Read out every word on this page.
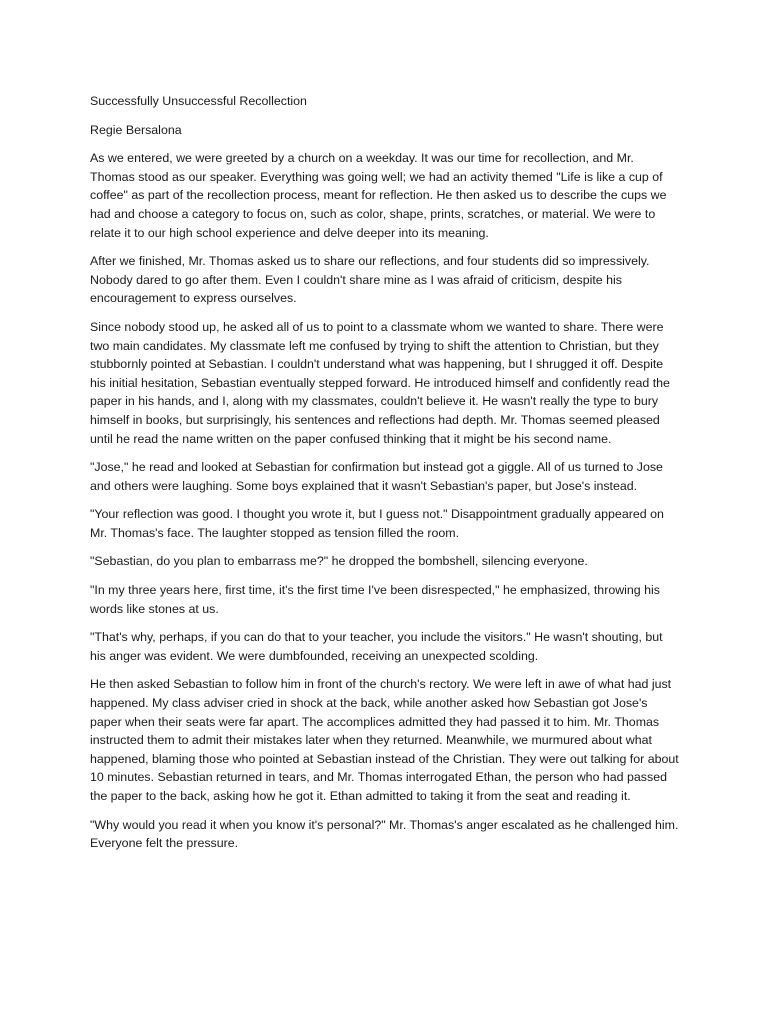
Successfully Unsuccessful Recollection

Regie Bersalona

As we entered, we were greeted by a church on a weekday. It was our time for recollection, and Mr. Thomas stood as our speaker. Everything was going well; we had an activity themed "Life is like a cup of coffee" as part of the recollection process, meant for reflection. He then asked us to describe the cups we had and choose a category to focus on, such as color, shape, prints, scratches, or material. We were to relate it to our high school experience and delve deeper into its meaning.

After we finished, Mr. Thomas asked us to share our reflections, and four students did so impressively. Nobody dared to go after them. Even I couldn't share mine as I was afraid of criticism, despite his encouragement to express ourselves.

Since nobody stood up, he asked all of us to point to a classmate whom we wanted to share. There were two main candidates. My classmate left me confused by trying to shift the attention to Christian, but they stubbornly pointed at Sebastian. I couldn't understand what was happening, but I shrugged it off. Despite his initial hesitation, Sebastian eventually stepped forward. He introduced himself and confidently read the paper in his hands, and I, along with my classmates, couldn't believe it. He wasn't really the type to bury himself in books, but surprisingly, his sentences and reflections had depth. Mr. Thomas seemed pleased until he read the name written on the paper confused thinking that it might be his second name.

"Jose," he read and looked at Sebastian for confirmation but instead got a giggle. All of us turned to Jose and others were laughing. Some boys explained that it wasn't Sebastian's paper, but Jose's instead.

"Your reflection was good. I thought you wrote it, but I guess not." Disappointment gradually appeared on Mr. Thomas's face. The laughter stopped as tension filled the room.

"Sebastian, do you plan to embarrass me?" he dropped the bombshell, silencing everyone.

"In my three years here, first time, it's the first time I've been disrespected," he emphasized, throwing his words like stones at us.

"That's why, perhaps, if you can do that to your teacher, you include the visitors." He wasn't shouting, but his anger was evident. We were dumbfounded, receiving an unexpected scolding.

He then asked Sebastian to follow him in front of the church's rectory. We were left in awe of what had just happened. My class adviser cried in shock at the back, while another asked how Sebastian got Jose's paper when their seats were far apart. The accomplices admitted they had passed it to him. Mr. Thomas instructed them to admit their mistakes later when they returned. Meanwhile, we murmured about what happened, blaming those who pointed at Sebastian instead of the Christian. They were out talking for about 10 minutes. Sebastian returned in tears, and Mr. Thomas interrogated Ethan, the person who had passed the paper to the back, asking how he got it. Ethan admitted to taking it from the seat and reading it.

"Why would you read it when you know it's personal?" Mr. Thomas's anger escalated as he challenged him. Everyone felt the pressure.
